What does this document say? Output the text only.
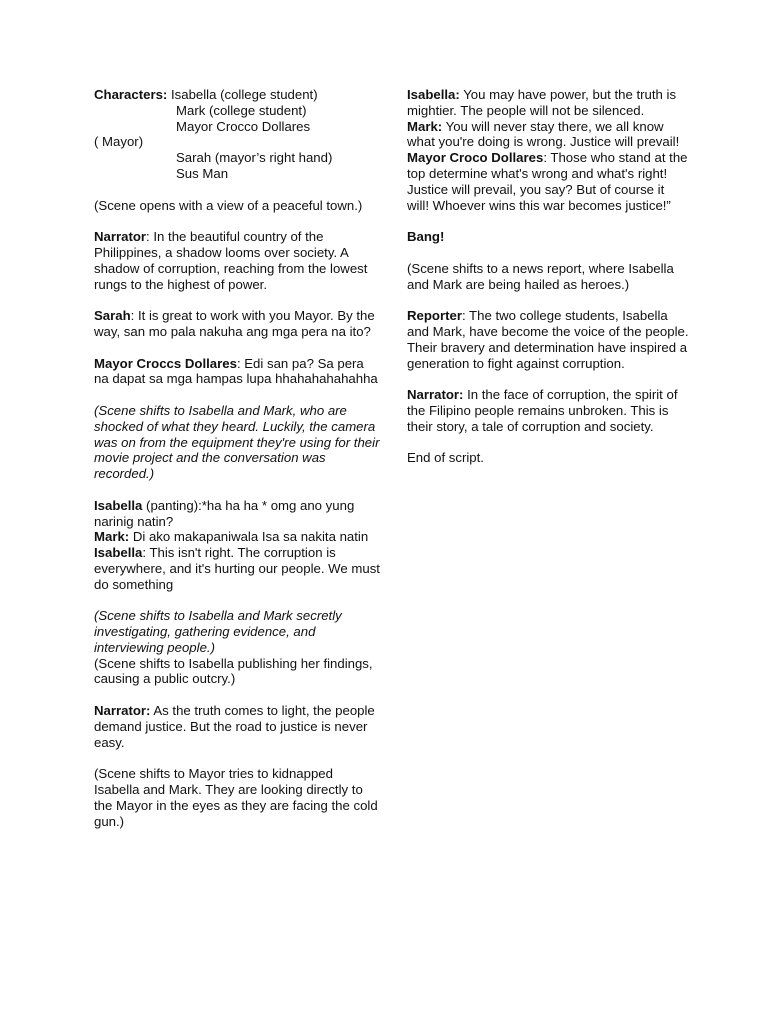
Characters: Isabella (college student)

Mark (college student)

Mayor Crocco Dollares

( Mayor)

Sarah (mayor’s right hand)

Sus Man

(Scene opens with a view of a peaceful town.)

Narrator: In the beautiful country of the Philippines, a shadow looms over society. A shadow of corruption, reaching from the lowest rungs to the highest of power.

Sarah: It is great to work with you Mayor. By the way, san mo pala nakuha ang mga pera na ito?

Mayor Croccs Dollares: Edi san pa? Sa pera na dapat sa mga hampas lupa hhahahahahahha

(Scene shifts to Isabella and Mark, who are shocked of what they heard. Luckily, the camera was on from the equipment they're using for their movie project and the conversation was recorded.)

Isabella (panting):*ha ha ha * omg ano yung narinig natin?

Mark: Di ako makapaniwala Isa sa nakita natin

Isabella: This isn't right. The corruption is everywhere, and it's hurting our people. We must do something

(Scene shifts to Isabella and Mark secretly investigating, gathering evidence, and interviewing people.)

(Scene shifts to Isabella publishing her findings, causing a public outcry.)

Narrator: As the truth comes to light, the people demand justice. But the road to justice is never easy.

(Scene shifts to Mayor tries to kidnapped Isabella and Mark. They are looking directly to the Mayor in the eyes as they are facing the cold gun.)

Isabella: You may have power, but the truth is mightier. The people will not be silenced.

Mark: You will never stay there, we all know what you're doing is wrong. Justice will prevail!

Mayor Croco Dollares: Those who stand at the top determine what's wrong and what's right! Justice will prevail, you say? But of course it will! Whoever wins this war becomes justice!”

Bang!

(Scene shifts to a news report, where Isabella and Mark are being hailed as heroes.)

Reporter: The two college students, Isabella and Mark, have become the voice of the people. Their bravery and determination have inspired a generation to fight against corruption.

Narrator: In the face of corruption, the spirit of the Filipino people remains unbroken. This is their story, a tale of corruption and society.

End of script.
